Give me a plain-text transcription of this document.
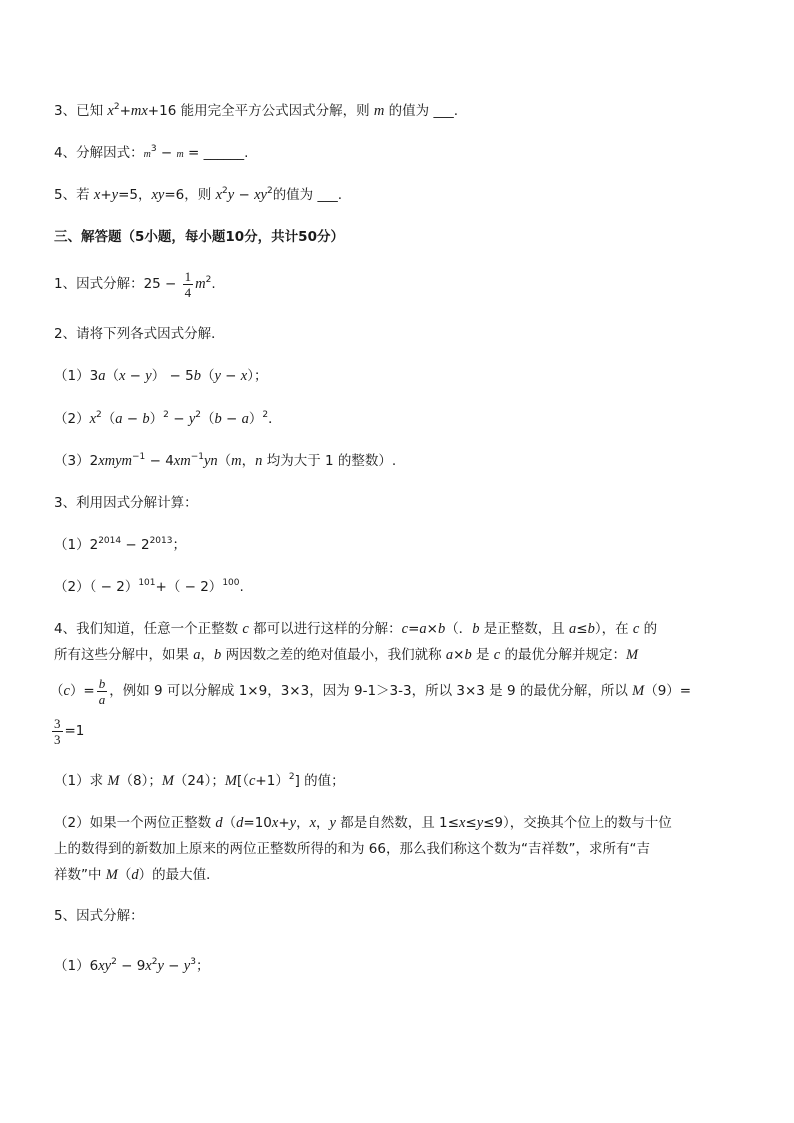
3、已知 $x^2+mx+16$ 能用完全平方公式因式分解，则 m 的值为 ___.
4、分解因式：$m^3 - m$ = ______.
5、若 x+y=5，xy=6，则 $x^2y - xy^2$的值为 ___.
三、解答题（5小题，每小题10分，共计50分）
1、因式分解：$25 - \frac{1}{4} m^2$.
2、请将下列各式因式分解．
（1）3a（x − y） − 5b（y − x）；
$(2)x^2(a - b)^2 - y^2(b - a)^2$．
（3）2xmym$^{-1}$ − $4xm^{-1}yn(m$，n 均为大于 1 的整数）.
3、利用因式分解计算：
$(1)2^{2014} - 2^{2013}$；
$(2)( - 2)^{101}+( - 2)^{100}$.
4、我们知道，任意一个正整数 c 都可以进行这样的分解：c=a×b（．b 是正整数，且 a≤b），在 c 的
所有这些分解中，如果 a，b 两因数之差的绝对值最小，我们就称 a×b 是 c 的最优分解并规定：M
$(c)= \frac{b}{a}$ ，例如 9 可以分解成 1×9，3×3，因为 9-1＞3-3，所以 3×3 是 9 的最优分解，所以 M（9）=
$\frac{3}{3} =1$
（1）求 M（8）；M（24）；$M[(c+1)^2]$ 的值；
（2）如果一个两位正整数 d（d=10x+y，x，y 都是自然数，且 1≤x≤y≤9），交换其个位上的数与十位
上的数得到的新数加上原来的两位正整数所得的和为 66，那么我们称这个数为“吉祥数”，求所有“吉
祥数”中 M（d）的最大值．
5、因式分解：
$(1)6xy^2 - 9x^2y - y^3$；
